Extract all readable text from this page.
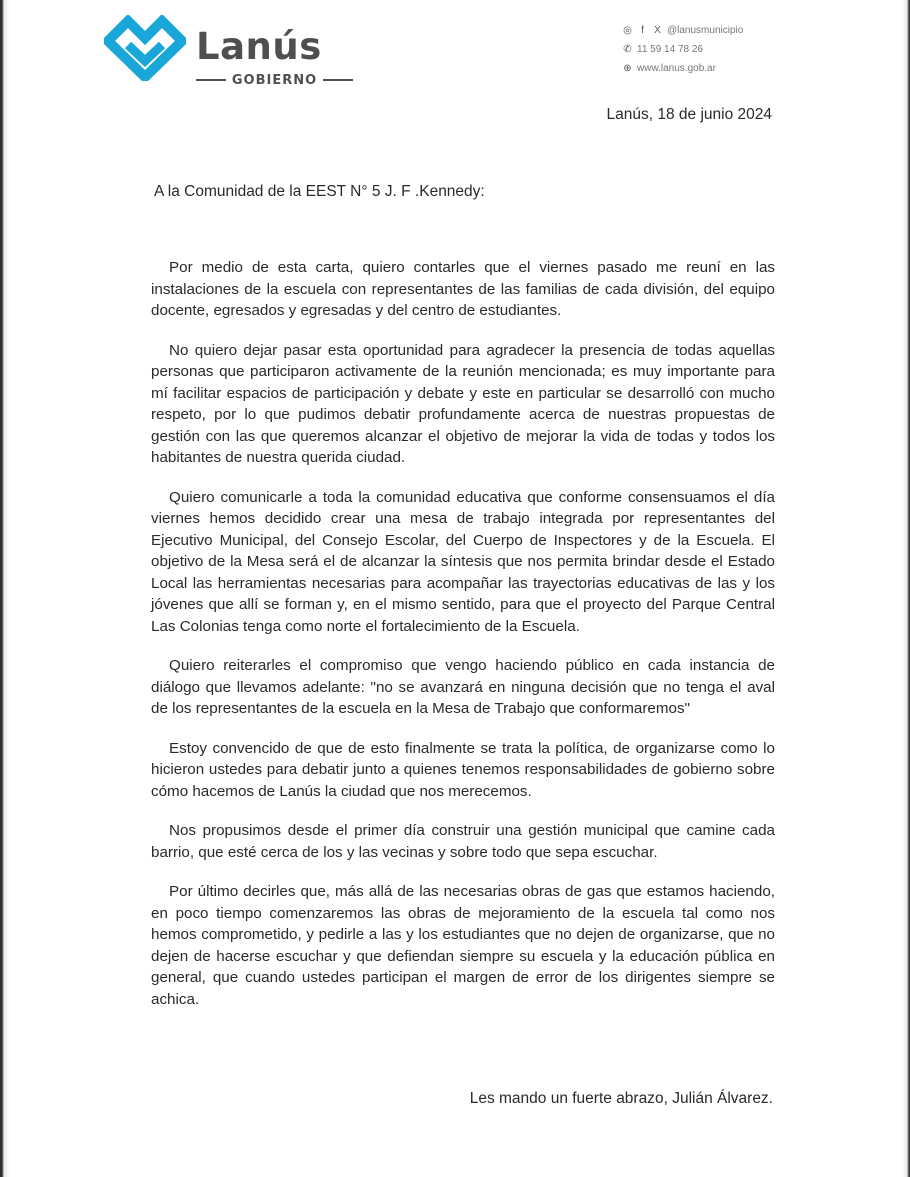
Lanús
GOBIERNO
◎ f	X @lanusmunicipio
✆ 11 59 14 78 26
⊕ www.lanus.gob.ar
Lanús, 18 de junio 2024
A la Comunidad de la EEST N° 5 J. F .Kennedy:

Por medio de esta carta, quiero contarles que el viernes pasado me reuní en las instalaciones de la escuela con representantes de las familias de cada división, del equipo docente, egresados y egresadas y del centro de estudiantes.

No quiero dejar pasar esta oportunidad para agradecer la presencia de todas aquellas personas que participaron activamente de la reunión mencionada; es muy importante para mí facilitar espacios de participación y debate y este en particular se desarrolló con mucho respeto, por lo que pudimos debatir profundamente acerca de nuestras propuestas de gestión con las que queremos alcanzar el objetivo de mejorar la vida de todas y todos los habitantes de nuestra querida ciudad.

Quiero comunicarle a toda la comunidad educativa que conforme consensuamos el día viernes hemos decidido crear una mesa de trabajo integrada por representantes del Ejecutivo Municipal, del Consejo Escolar, del Cuerpo de Inspectores y de la Escuela. El objetivo de la Mesa será el de alcanzar la síntesis que nos permita brindar desde el Estado Local las herramientas necesarias para acompañar las trayectorias educativas de las y los jóvenes que allí se forman y, en el mismo sentido, para que el proyecto del Parque Central Las Colonias tenga como norte el fortalecimiento de la Escuela.

Quiero reiterarles el compromiso que vengo haciendo público en cada instancia de diálogo que llevamos adelante: "no se avanzará en ninguna decisión que no tenga el aval de los representantes de la escuela en la Mesa de Trabajo que conformaremos"

Estoy convencido de que de esto finalmente se trata la política, de organizarse como lo hicieron ustedes para debatir junto a quienes tenemos responsabilidades de gobierno sobre cómo hacemos de Lanús la ciudad que nos merecemos.

Nos propusimos desde el primer día construir una gestión municipal que camine cada barrio, que esté cerca de los y las vecinas y sobre todo que sepa escuchar.

Por último decirles que, más allá de las necesarias obras de gas que estamos haciendo, en poco tiempo comenzaremos las obras de mejoramiento de la escuela tal como nos hemos comprometido, y pedirle a las y los estudiantes que no dejen de organizarse, que no dejen de hacerse escuchar y que defiendan siempre su escuela y la educación pública en general, que cuando ustedes participan el margen de error de los dirigentes siempre se achica.

Les mando un fuerte abrazo, Julián Álvarez.
